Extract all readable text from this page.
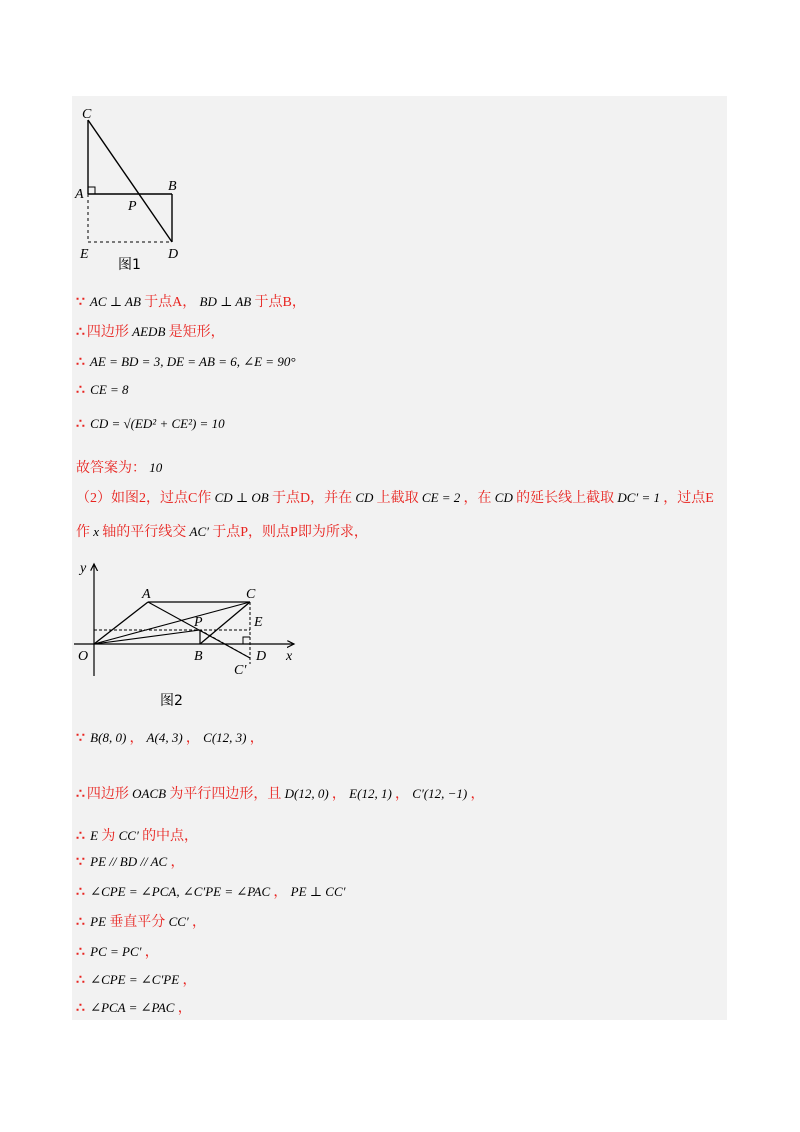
C
A
B
P
E	D
图1
∵ AC ⊥ AB 于点A， BD ⊥ AB 于点B，
∴ 四边形 AEDB 是矩形，
∴ AE = BD = 3, DE = AB = 6, ∠E = 90°
∴ CE = 8
∴ CD = √(ED² + CE²) = 10
故答案为： 10
（2）如图2，过点C作 CD ⊥ OB 于点D，并在 CD 上截取 CE = 2 ，在 CD 的延长线上截取 DC′ = 1 ，过点E
作 x 轴的平行线交 AC′ 于点P，则点P即为所求，
y
A	C
P	E
O	B	D x
C′
图2
∵ B(8, 0) ， A(4, 3) ， C(12, 3) ，
∴ 四边形 OACB 为平行四边形，且 D(12, 0) ， E(12, 1) ， C′(12, −1) ，
∴ E 为 CC′ 的中点，
∵ PE // BD // AC ，
∴ ∠CPE = ∠PCA, ∠C′PE = ∠PAC ， PE ⊥ CC′
∴ PE 垂直平分 CC′ ，
∴ PC = PC′ ，
∴ ∠CPE = ∠C′PE ，
∴ ∠PCA = ∠PAC ，
